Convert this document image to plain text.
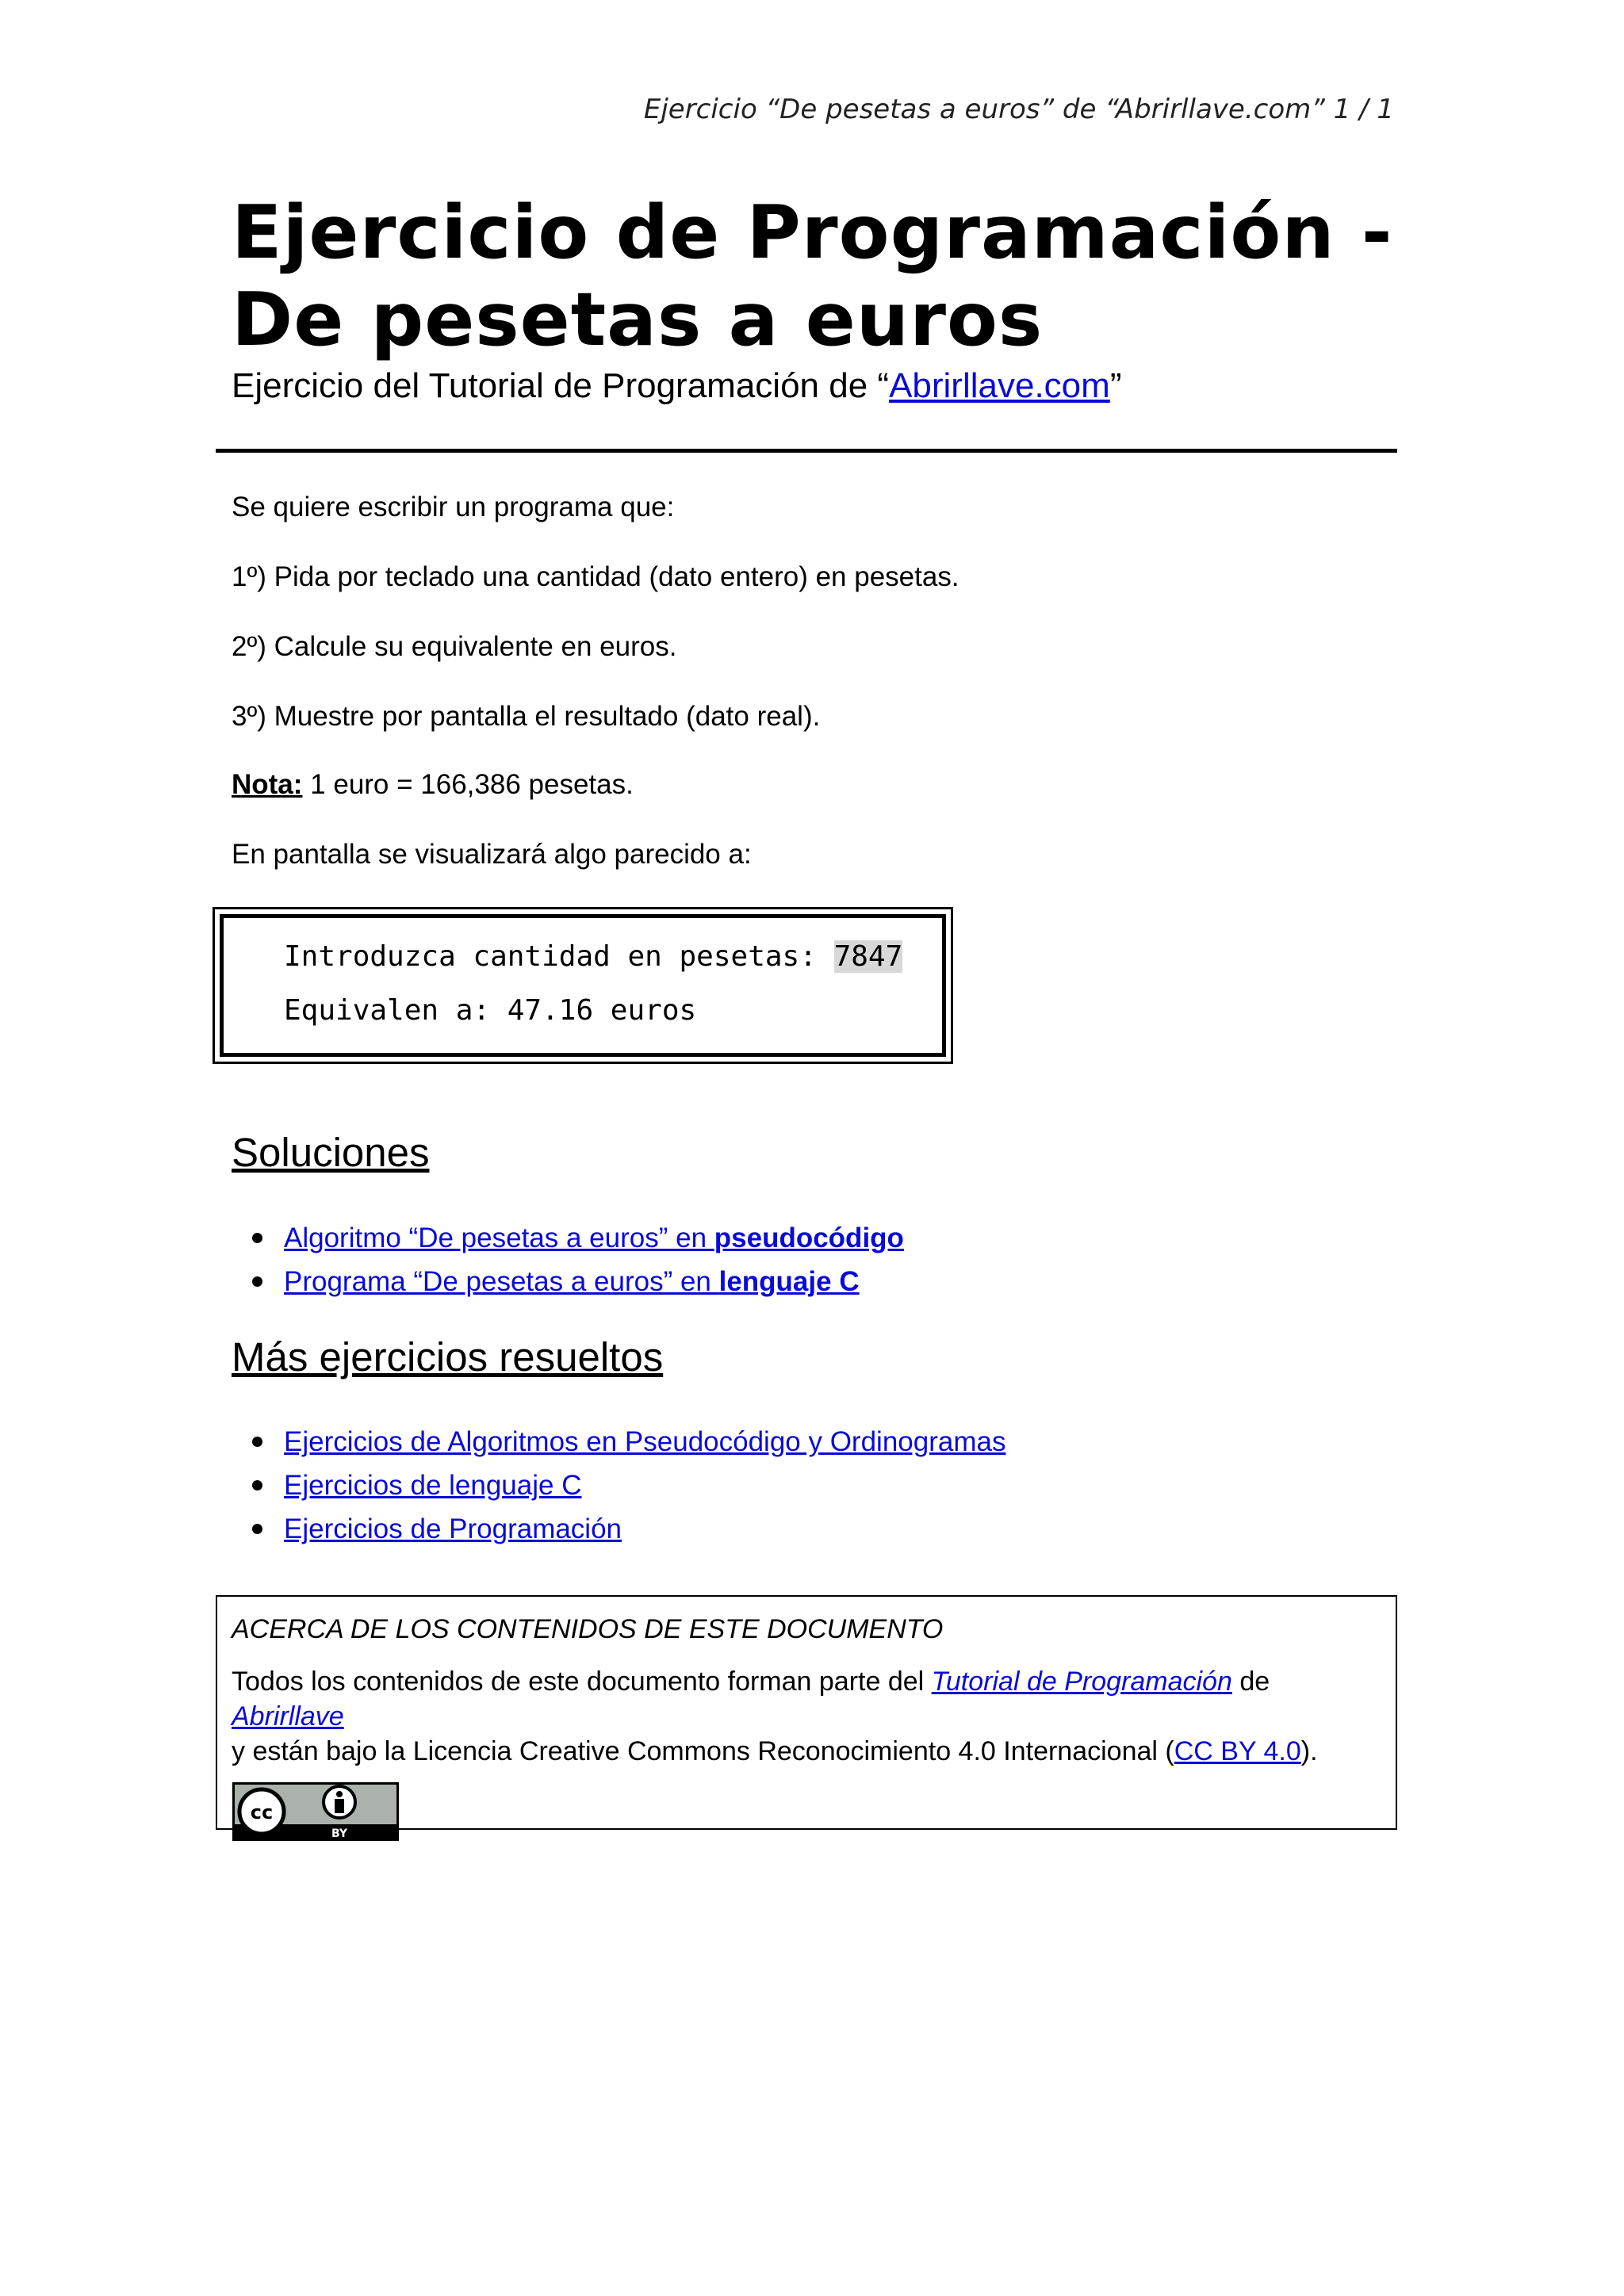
Ejercicio “De pesetas a euros” de “Abrirllave.com” 1 / 1
Ejercicio de Programación -
De pesetas a euros
Ejercicio del Tutorial de Programación de “Abrirllave.com”
Se quiere escribir un programa que:
1º) Pida por teclado una cantidad (dato entero) en pesetas.
2º) Calcule su equivalente en euros.
3º) Muestre por pantalla el resultado (dato real).
Nota: 1 euro = 166,386 pesetas.
En pantalla se visualizará algo parecido a:
Introduzca cantidad en pesetas: 7847
Equivalen a: 47.16 euros
Soluciones
Algoritmo “De pesetas a euros” en pseudocódigo
Programa “De pesetas a euros” en lenguaje C
Más ejercicios resueltos
Ejercicios de Algoritmos en Pseudocódigo y Ordinogramas
Ejercicios de lenguaje C
Ejercicios de Programación
ACERCA DE LOS CONTENIDOS DE ESTE DOCUMENTO
Todos los contenidos de este documento forman parte del Tutorial de Programación de Abrirllave
y están bajo la Licencia Creative Commons Reconocimiento 4.0 Internacional (CC BY 4.0).
cc
BY
